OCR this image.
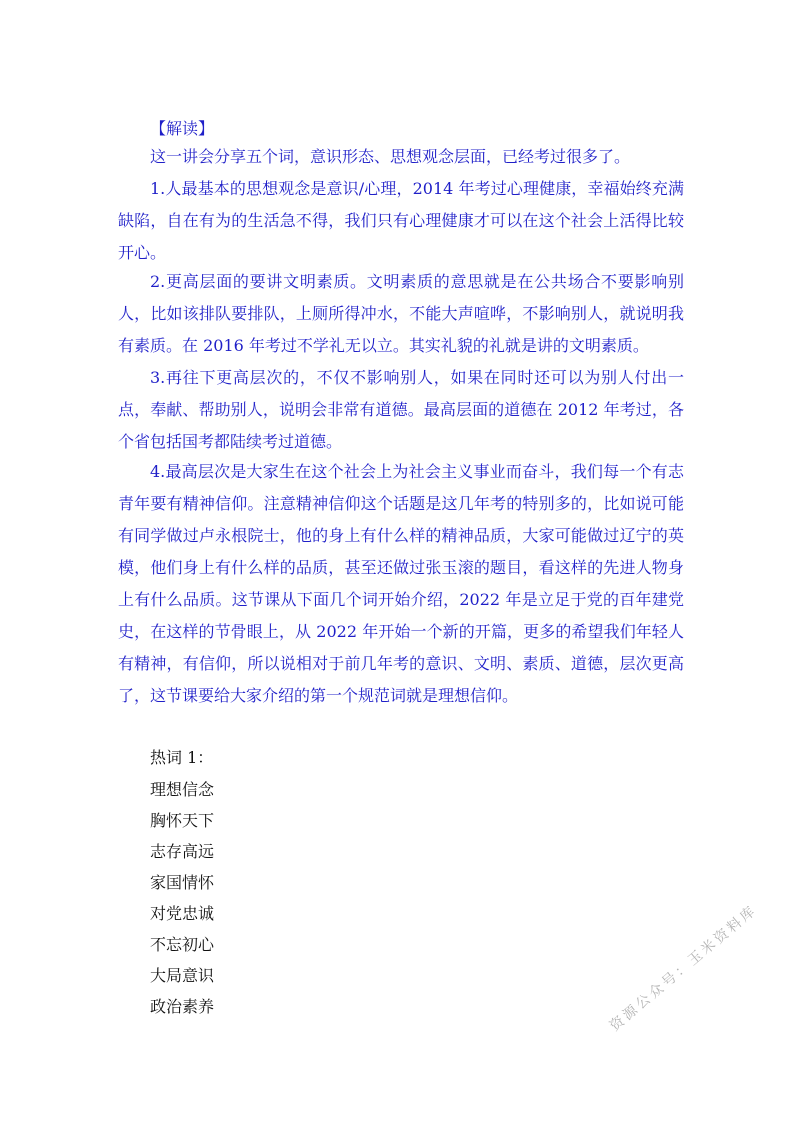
【解读】

这一讲会分享五个词，意识形态、思想观念层面，已经考过很多了。

1.人最基本的思想观念是意识/心理，2014 年考过心理健康，幸福始终充满缺陷，自在有为的生活急不得，我们只有心理健康才可以在这个社会上活得比较开心。

2.更高层面的要讲文明素质。文明素质的意思就是在公共场合不要影响别人，比如该排队要排队，上厕所得冲水，不能大声喧哗，不影响别人，就说明我有素质。在 2016 年考过不学礼无以立。其实礼貌的礼就是讲的文明素质。

3.再往下更高层次的，不仅不影响别人，如果在同时还可以为别人付出一点，奉献、帮助别人，说明会非常有道德。最高层面的道德在 2012 年考过，各个省包括国考都陆续考过道德。

4.最高层次是大家生在这个社会上为社会主义事业而奋斗，我们每一个有志青年要有精神信仰。注意精神信仰这个话题是这几年考的特别多的，比如说可能有同学做过卢永根院士，他的身上有什么样的精神品质，大家可能做过辽宁的英模，他们身上有什么样的品质，甚至还做过张玉滚的题目，看这样的先进人物身上有什么品质。这节课从下面几个词开始介绍，2022 年是立足于党的百年建党史，在这样的节骨眼上，从 2022 年开始一个新的开篇，更多的希望我们年轻人有精神，有信仰，所以说相对于前几年考的意识、文明、素质、道德，层次更高了，这节课要给大家介绍的第一个规范词就是理想信仰。

热词 1：
理想信念
胸怀天下
志存高远
家国情怀
对党忠诚
不忘初心
大局意识
政治素养	资源公众号：玉米资料库
